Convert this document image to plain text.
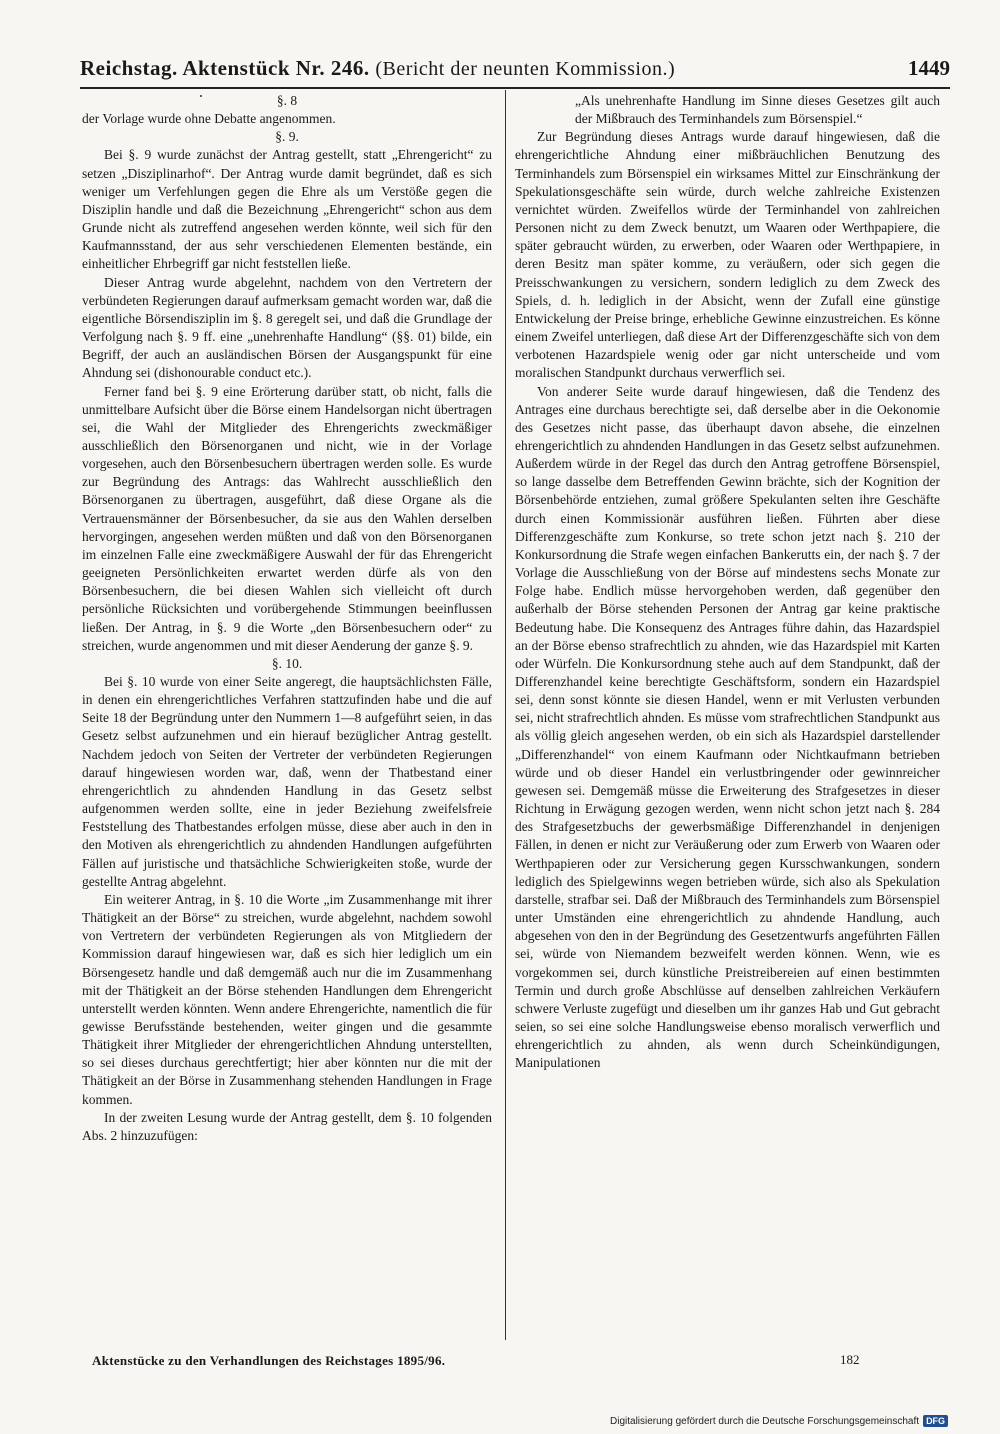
Reichstag. Aktenstück Nr. 246. (Bericht der neunten Kommission.)	1449

§. 8

der Vorlage wurde ohne Debatte angenommen.

§. 9.

Bei §. 9 wurde zunächst der Antrag gestellt, statt „Ehrengericht“ zu setzen „Disziplinarhof“. Der Antrag wurde damit begründet, daß es sich weniger um Verfehlungen gegen die Ehre als um Verstöße gegen die Disziplin handle und daß die Bezeichnung „Ehrengericht“ schon aus dem Grunde nicht als zutreffend angesehen werden könnte, weil sich für den Kaufmannsstand, der aus sehr verschiedenen Elementen bestände, ein einheitlicher Ehrbegriff gar nicht feststellen ließe.

Dieser Antrag wurde abgelehnt, nachdem von den Vertretern der verbündeten Regierungen darauf aufmerksam gemacht worden war, daß die eigentliche Börsendisziplin im §. 8 geregelt sei, und daß die Grundlage der Verfolgung nach §. 9 ff. eine „unehrenhafte Handlung“ (§§. 01) bilde, ein Begriff, der auch an ausländischen Börsen der Ausgangspunkt für eine Ahndung sei (dishonourable conduct etc.).

Ferner fand bei §. 9 eine Erörterung darüber statt, ob nicht, falls die unmittelbare Aufsicht über die Börse einem Handelsorgan nicht übertragen sei, die Wahl der Mitglieder des Ehrengerichts zweckmäßiger ausschließlich den Börsenorganen und nicht, wie in der Vorlage vorgesehen, auch den Börsenbesuchern übertragen werden solle. Es wurde zur Begründung des Antrags: das Wahlrecht ausschließlich den Börsenorganen zu übertragen, ausgeführt, daß diese Organe als die Vertrauensmänner der Börsenbesucher, da sie aus den Wahlen derselben hervorgingen, angesehen werden müßten und daß von den Börsenorganen im einzelnen Falle eine zweckmäßigere Auswahl der für das Ehrengericht geeigneten Persönlichkeiten erwartet werden dürfe als von den Börsenbesuchern, die bei diesen Wahlen sich vielleicht oft durch persönliche Rücksichten und vorübergehende Stimmungen beeinflussen ließen. Der Antrag, in §. 9 die Worte „den Börsenbesuchern oder“ zu streichen, wurde angenommen und mit dieser Aenderung der ganze §. 9.

§. 10.

Bei §. 10 wurde von einer Seite angeregt, die hauptsächlichsten Fälle, in denen ein ehrengerichtliches Verfahren stattzufinden habe und die auf Seite 18 der Begründung unter den Nummern 1—8 aufgeführt seien, in das Gesetz selbst aufzunehmen und ein hierauf bezüglicher Antrag gestellt. Nachdem jedoch von Seiten der Vertreter der verbündeten Regierungen darauf hingewiesen worden war, daß, wenn der Thatbestand einer ehrengerichtlich zu ahndenden Handlung in das Gesetz selbst aufgenommen werden sollte, eine in jeder Beziehung zweifelsfreie Feststellung des Thatbestandes erfolgen müsse, diese aber auch in den in den Motiven als ehrengerichtlich zu ahndenden Handlungen aufgeführten Fällen auf juristische und thatsächliche Schwierigkeiten stoße, wurde der gestellte Antrag abgelehnt.

Ein weiterer Antrag, in §. 10 die Worte „im Zusammenhange mit ihrer Thätigkeit an der Börse“ zu streichen, wurde abgelehnt, nachdem sowohl von Vertretern der verbündeten Regierungen als von Mitgliedern der Kommission darauf hingewiesen war, daß es sich hier lediglich um ein Börsengesetz handle und daß demgemäß auch nur die im Zusammenhang mit der Thätigkeit an der Börse stehenden Handlungen dem Ehrengericht unterstellt werden könnten. Wenn andere Ehrengerichte, namentlich die für gewisse Berufsstände bestehenden, weiter gingen und die gesammte Thätigkeit ihrer Mitglieder der ehrengerichtlichen Ahndung unterstellten, so sei dieses durchaus gerechtfertigt; hier aber könnten nur die mit der Thätigkeit an der Börse in Zusammenhang stehenden Handlungen in Frage kommen.

In der zweiten Lesung wurde der Antrag gestellt, dem §. 10 folgenden Abs. 2 hinzuzufügen:

„Als unehrenhafte Handlung im Sinne dieses Gesetzes gilt auch der Mißbrauch des Terminhandels zum Börsenspiel.“

Zur Begründung dieses Antrags wurde darauf hingewiesen, daß die ehrengerichtliche Ahndung einer mißbräuchlichen Benutzung des Terminhandels zum Börsenspiel ein wirksames Mittel zur Einschränkung der Spekulationsgeschäfte sein würde, durch welche zahlreiche Existenzen vernichtet würden. Zweifellos würde der Terminhandel von zahlreichen Personen nicht zu dem Zweck benutzt, um Waaren oder Werthpapiere, die später gebraucht würden, zu erwerben, oder Waaren oder Werthpapiere, in deren Besitz man später komme, zu veräußern, oder sich gegen die Preisschwankungen zu versichern, sondern lediglich zu dem Zweck des Spiels, d. h. lediglich in der Absicht, wenn der Zufall eine günstige Entwickelung der Preise bringe, erhebliche Gewinne einzustreichen. Es könne einem Zweifel unterliegen, daß diese Art der Differenzgeschäfte sich von dem verbotenen Hazardspiele wenig oder gar nicht unterscheide und vom moralischen Standpunkt durchaus verwerflich sei.

Von anderer Seite wurde darauf hingewiesen, daß die Tendenz des Antrages eine durchaus berechtigte sei, daß derselbe aber in die Oekonomie des Gesetzes nicht passe, das überhaupt davon absehe, die einzelnen ehrengerichtlich zu ahndenden Handlungen in das Gesetz selbst aufzunehmen. Außerdem würde in der Regel das durch den Antrag getroffene Börsenspiel, so lange dasselbe dem Betreffenden Gewinn brächte, sich der Kognition der Börsenbehörde entziehen, zumal größere Spekulanten selten ihre Geschäfte durch einen Kommissionär ausführen ließen. Führten aber diese Differenzgeschäfte zum Konkurse, so trete schon jetzt nach §. 210 der Konkursordnung die Strafe wegen einfachen Bankerutts ein, der nach §. 7 der Vorlage die Ausschließung von der Börse auf mindestens sechs Monate zur Folge habe. Endlich müsse hervorgehoben werden, daß gegenüber den außerhalb der Börse stehenden Personen der Antrag gar keine praktische Bedeutung habe. Die Konsequenz des Antrages führe dahin, das Hazardspiel an der Börse ebenso strafrechtlich zu ahnden, wie das Hazardspiel mit Karten oder Würfeln. Die Konkursordnung stehe auch auf dem Standpunkt, daß der Differenzhandel keine berechtigte Geschäftsform, sondern ein Hazardspiel sei, denn sonst könnte sie diesen Handel, wenn er mit Verlusten verbunden sei, nicht strafrechtlich ahnden. Es müsse vom strafrechtlichen Standpunkt aus als völlig gleich angesehen werden, ob ein sich als Hazardspiel darstellender „Differenzhandel“ von einem Kaufmann oder Nichtkaufmann betrieben würde und ob dieser Handel ein verlustbringender oder gewinnreicher gewesen sei. Demgemäß müsse die Erweiterung des Strafgesetzes in dieser Richtung in Erwägung gezogen werden, wenn nicht schon jetzt nach §. 284 des Strafgesetzbuchs der gewerbsmäßige Differenzhandel in denjenigen Fällen, in denen er nicht zur Veräußerung oder zum Erwerb von Waaren oder Werthpapieren oder zur Versicherung gegen Kursschwankungen, sondern lediglich des Spielgewinns wegen betrieben würde, sich also als Spekulation darstelle, strafbar sei. Daß der Mißbrauch des Terminhandels zum Börsenspiel unter Umständen eine ehrengerichtlich zu ahndende Handlung, auch abgesehen von den in der Begründung des Gesetzentwurfs angeführten Fällen sei, würde von Niemandem bezweifelt werden können. Wenn, wie es vorgekommen sei, durch künstliche Preistreibereien auf einen bestimmten Termin und durch große Abschlüsse auf denselben zahlreichen Verkäufern schwere Verluste zugefügt und dieselben um ihr ganzes Hab und Gut gebracht seien, so sei eine solche Handlungsweise ebenso moralisch verwerflich und ehrengerichtlich zu ahnden, als wenn durch Scheinkündigungen, Manipulationen

Aktenstücke zu den Verhandlungen des Reichstages 1895/96.	182
Digitalisierung gefördert durch die Deutsche Forschungsgemeinschaft DFG
